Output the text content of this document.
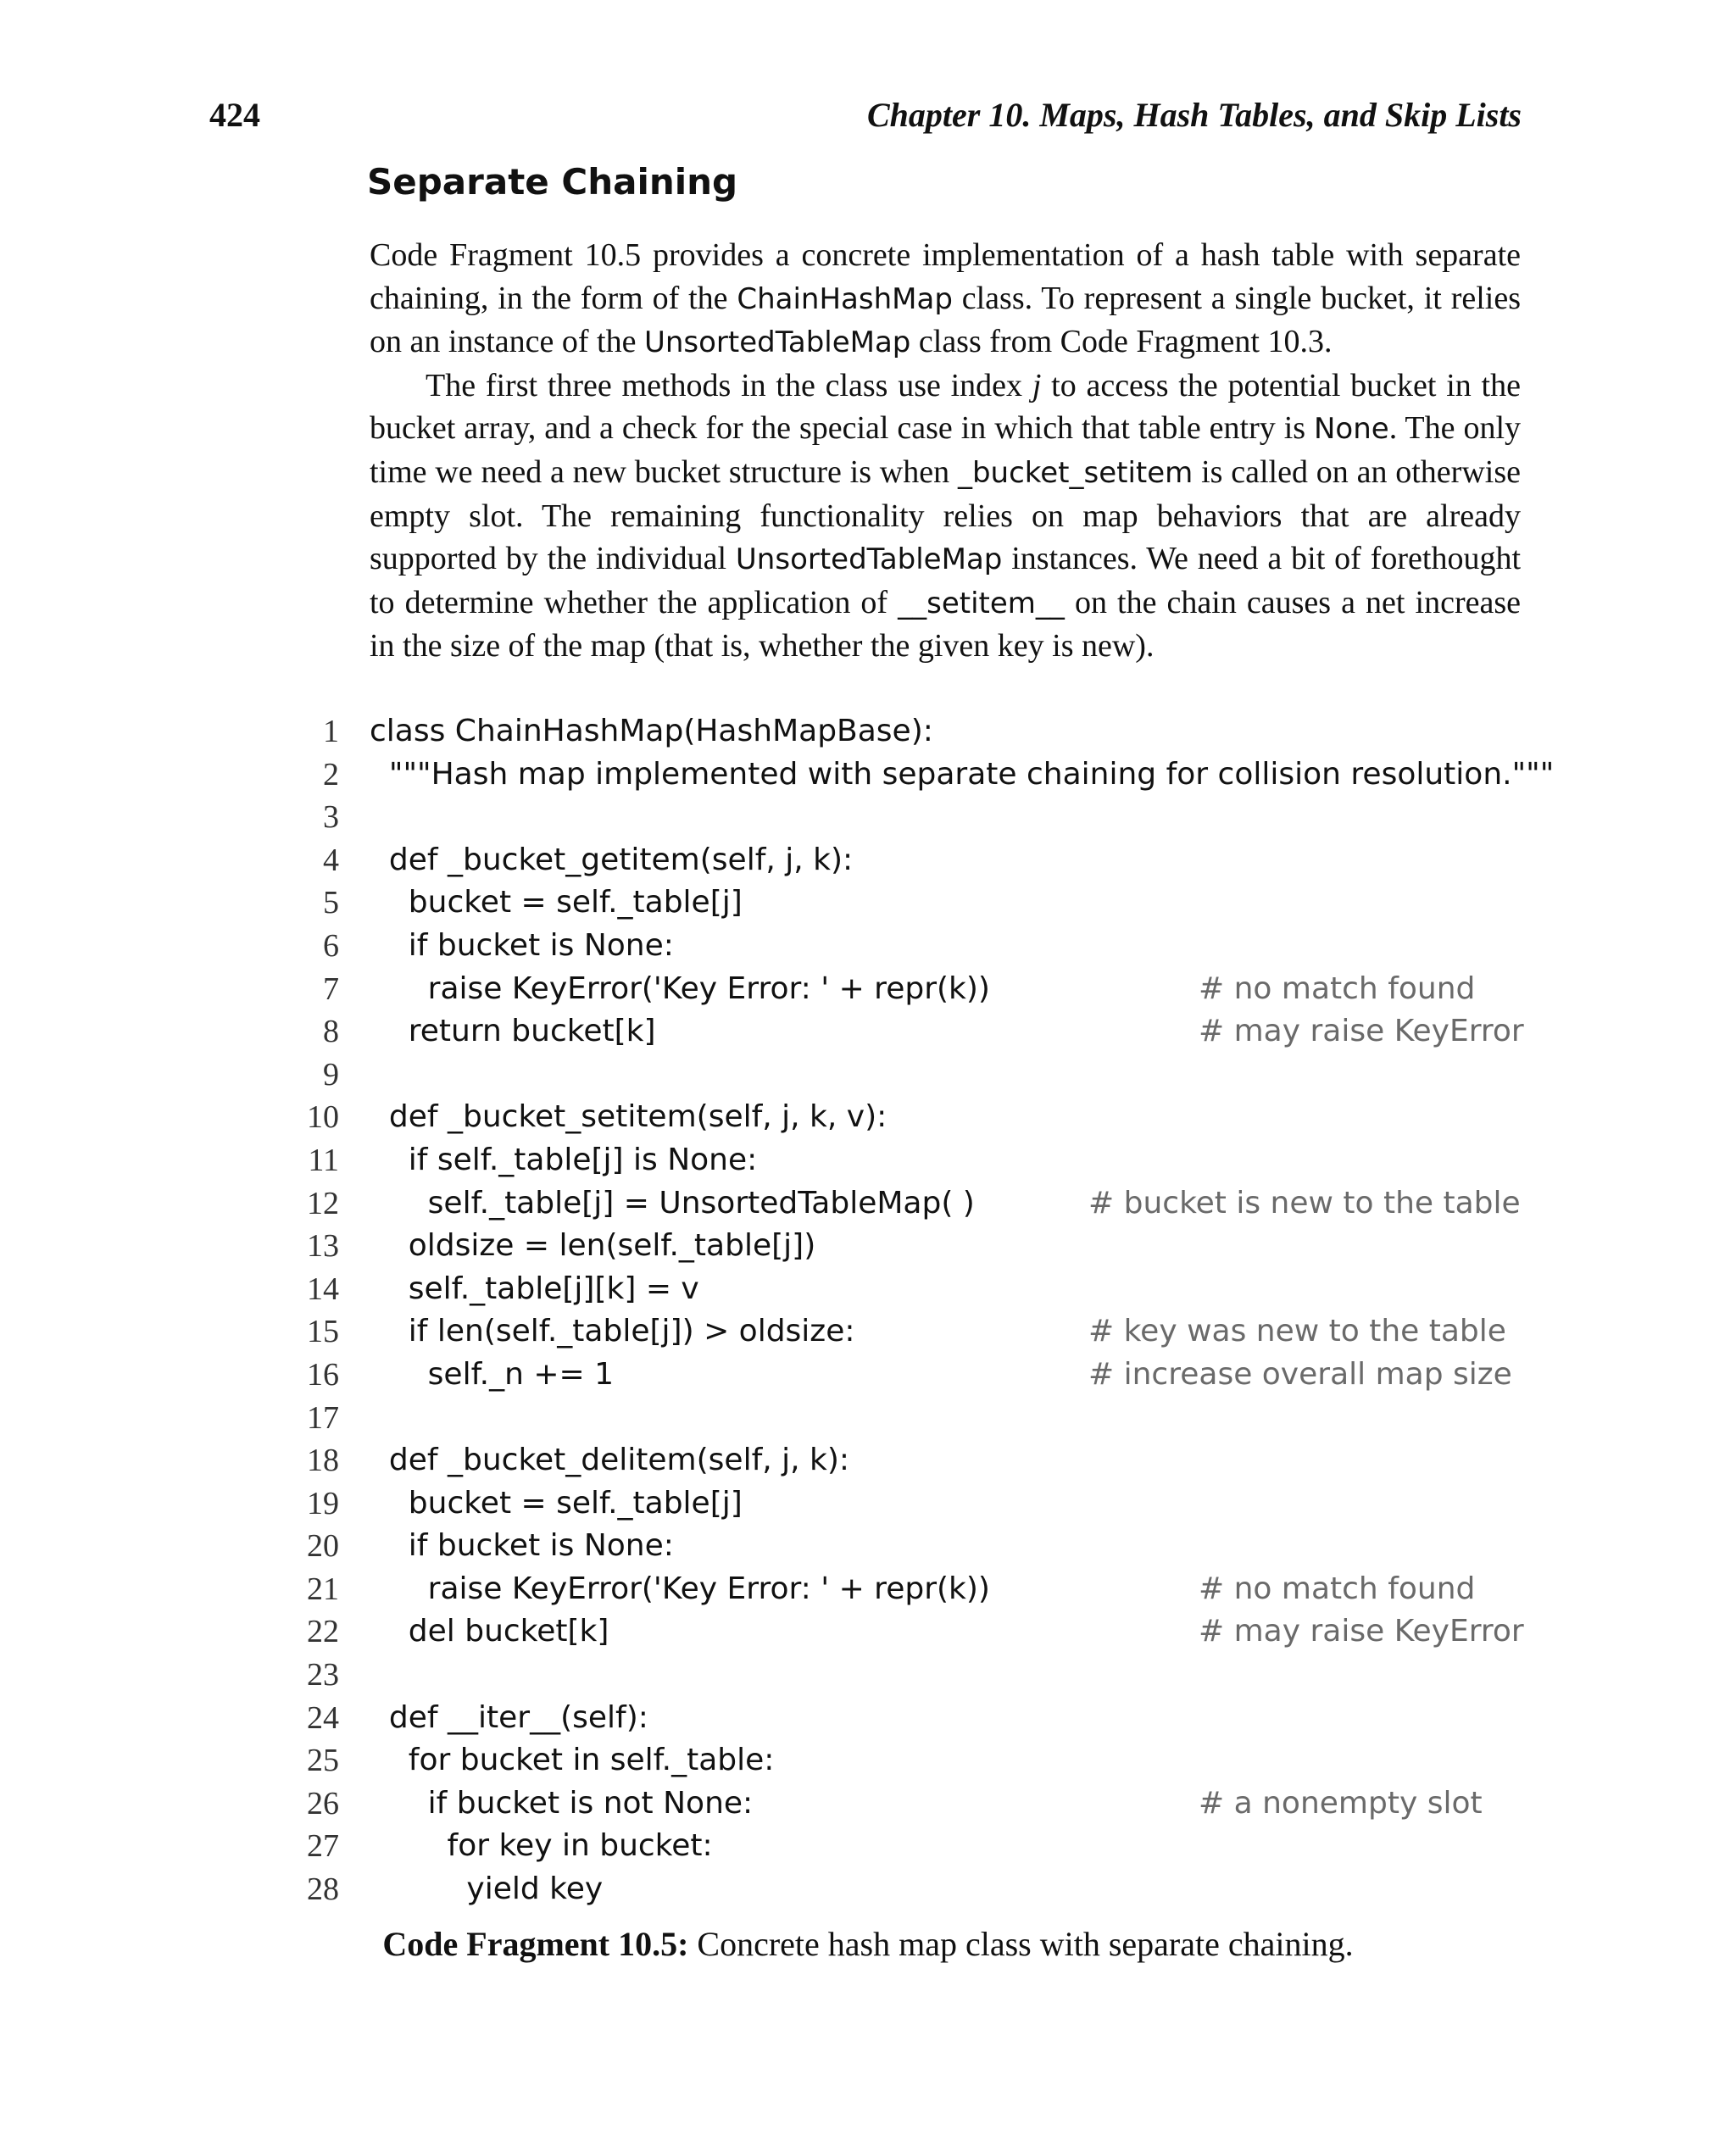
424	Chapter 10. Maps, Hash Tables, and Skip Lists
Separate Chaining

Code Fragment 10.5 provides a concrete implementation of a hash table with separate chaining, in the form of the ChainHashMap class. To represent a single bucket, it relies on an instance of the UnsortedTableMap class from Code Fragment 10.3.

The first three methods in the class use index j to access the potential bucket in the bucket array, and a check for the special case in which that table entry is None. The only time we need a new bucket structure is when _bucket_setitem is called on an otherwise empty slot. The remaining functionality relies on map behaviors that are already supported by the individual UnsortedTableMap instances. We need a bit of forethought to determine whether the application of __setitem__ on the chain causes a net increase in the size of the map (that is, whether the given key is new).

1 class ChainHashMap(HashMapBase):
2 """Hash map implemented with separate chaining for collision resolution."""
3
4 def _bucket_getitem(self, j, k):
5 bucket = self._table[j]
6 if bucket is None:
7 raise KeyError('Key Error: ' + repr(k))	# no match found
8 return bucket[k]	# may raise KeyError
9
10 def _bucket_setitem(self, j, k, v):
11 if self._table[j] is None:
12 self._table[j] = UnsortedTableMap( )	# bucket is new to the table
13 oldsize = len(self._table[j])
14 self._table[j][k] = v
15 if len(self._table[j]) > oldsize:	# key was new to the table
16 self._n += 1	# increase overall map size
17
18 def _bucket_delitem(self, j, k):
19 bucket = self._table[j]
20 if bucket is None:
21 raise KeyError('Key Error: ' + repr(k))	# no match found
22 del bucket[k]	# may raise KeyError
23
24 def __iter__(self):
25 for bucket in self._table:
26 if bucket is not None:	# a nonempty slot
27 for key in bucket:
28 yield key
Code Fragment 10.5: Concrete hash map class with separate chaining.
